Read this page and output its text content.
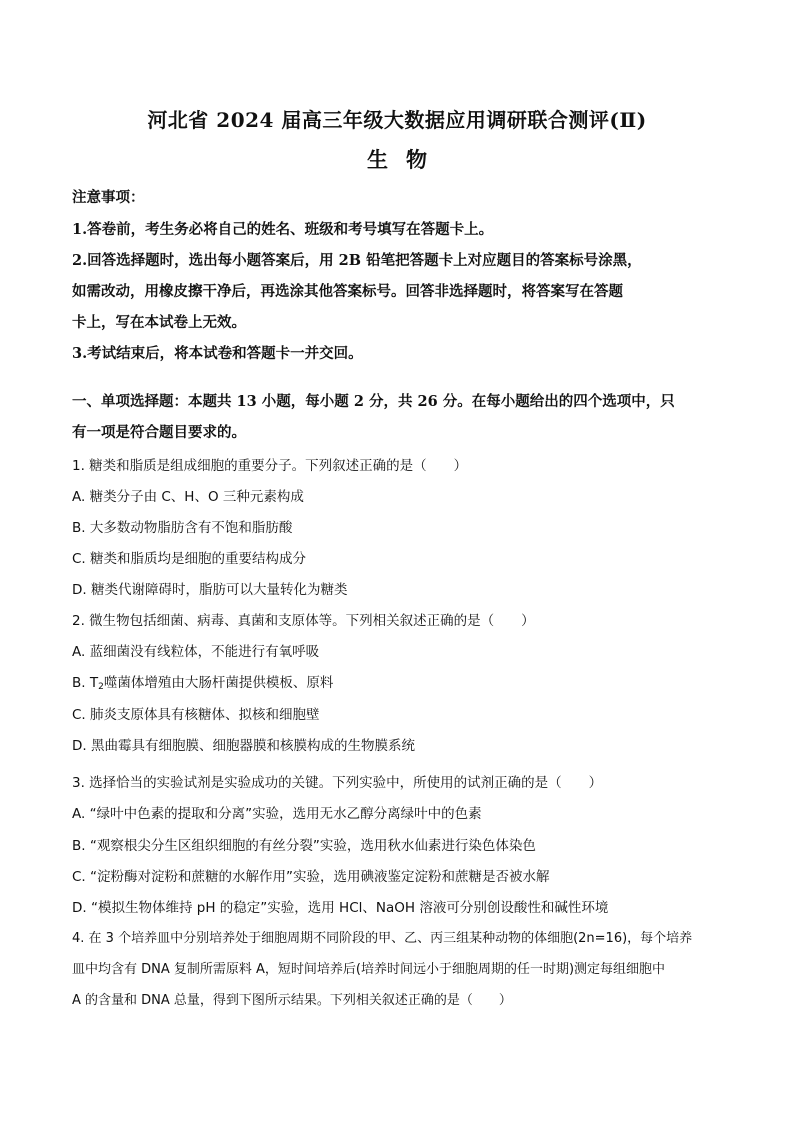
河北省 2024 届高三年级大数据应用调研联合测评(Ⅱ)
生物
注意事项：
1.答卷前，考生务必将自己的姓名、班级和考号填写在答题卡上。
2.回答选择题时，选出每小题答案后，用 2B 铅笔把答题卡上对应题目的答案标号涂黑，
如需改动，用橡皮擦干净后，再选涂其他答案标号。回答非选择题时，将答案写在答题
卡上，写在本试卷上无效。
3.考试结束后，将本试卷和答题卡一并交回。
一、单项选择题：本题共 13 小题，每小题 2 分，共 26 分。在每小题给出的四个选项中，只
有一项是符合题目要求的。
1. 糖类和脂质是组成细胞的重要分子。下列叙述正确的是（　　）
A. 糖类分子由 C、H、O 三种元素构成
B. 大多数动物脂肪含有不饱和脂肪酸
C. 糖类和脂质均是细胞的重要结构成分
D. 糖类代谢障碍时，脂肪可以大量转化为糖类
2. 微生物包括细菌、病毒、真菌和支原体等。下列相关叙述正确的是（　　）
A. 蓝细菌没有线粒体，不能进行有氧呼吸
B. $T_2$噬菌体增殖由大肠杆菌提供模板、原料
C. 肺炎支原体具有核糖体、拟核和细胞壁
D. 黑曲霉具有细胞膜、细胞器膜和核膜构成的生物膜系统
3. 选择恰当的实验试剂是实验成功的关键。下列实验中，所使用的试剂正确的是（　　）
A. “绿叶中色素的提取和分离”实验，选用无水乙醇分离绿叶中的色素
B. “观察根尖分生区组织细胞的有丝分裂”实验，选用秋水仙素进行染色体染色
C. “淀粉酶对淀粉和蔗糖的水解作用”实验，选用碘液鉴定淀粉和蔗糖是否被水解
D. “模拟生物体维持 pH 的稳定”实验，选用 HCl、NaOH 溶液可分别创设酸性和碱性环境
4. 在 3 个培养皿中分别培养处于细胞周期不同阶段的甲、乙、丙三组某种动物的体细胞(2n=16)，每个培养
皿中均含有 DNA 复制所需原料 A，短时间培养后(培养时间远小于细胞周期的任一时期)测定每组细胞中
A 的含量和 DNA 总量，得到下图所示结果。下列相关叙述正确的是（　　）
